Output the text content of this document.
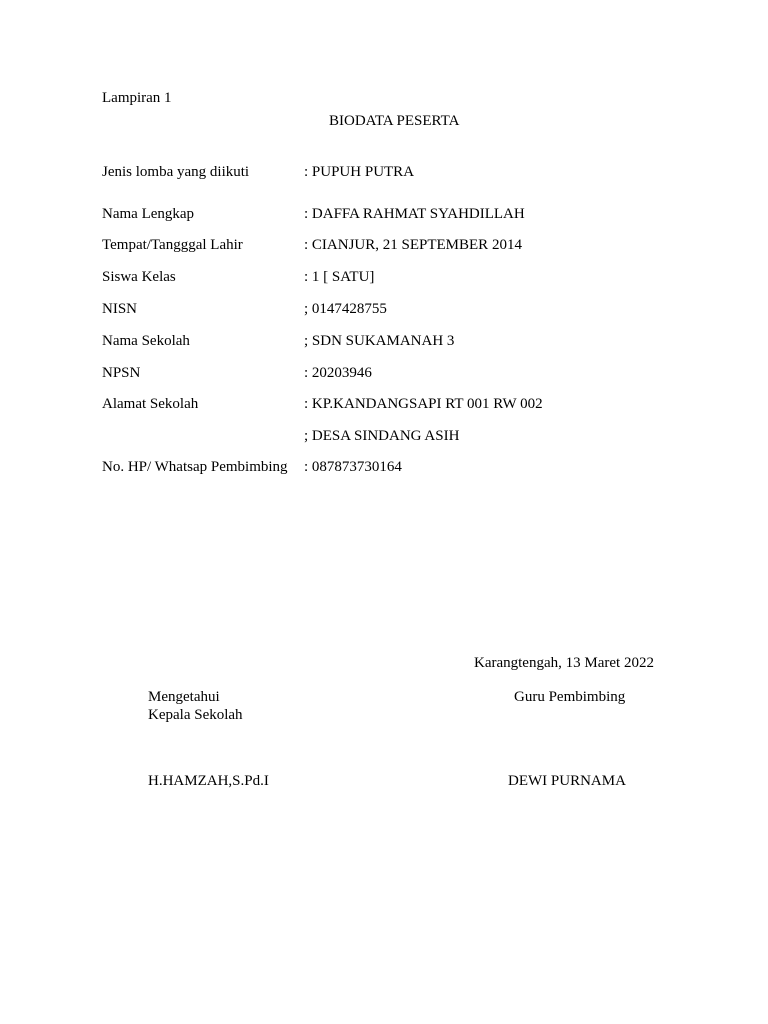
Lampiran 1
BIODATA PESERTA
Jenis lomba yang diikuti	: PUPUH PUTRA
Nama Lengkap	: DAFFA RAHMAT SYAHDILLAH
Tempat/Tangggal Lahir	: CIANJUR, 21 SEPTEMBER 2014
Siswa Kelas	: 1 [ SATU]
NISN	; 0147428755
Nama Sekolah	; SDN SUKAMANAH 3
NPSN	: 20203946
Alamat Sekolah	: KP.KANDANGSAPI RT 001 RW 002
; DESA SINDANG ASIH
No. HP/ Whatsap Pembimbing : 087873730164
Karangtengah, 13 Maret 2022
Mengetahui
Kepala Sekolah
Guru Pembimbing
H.HAMZAH,S.Pd.I	DEWI PURNAMA
